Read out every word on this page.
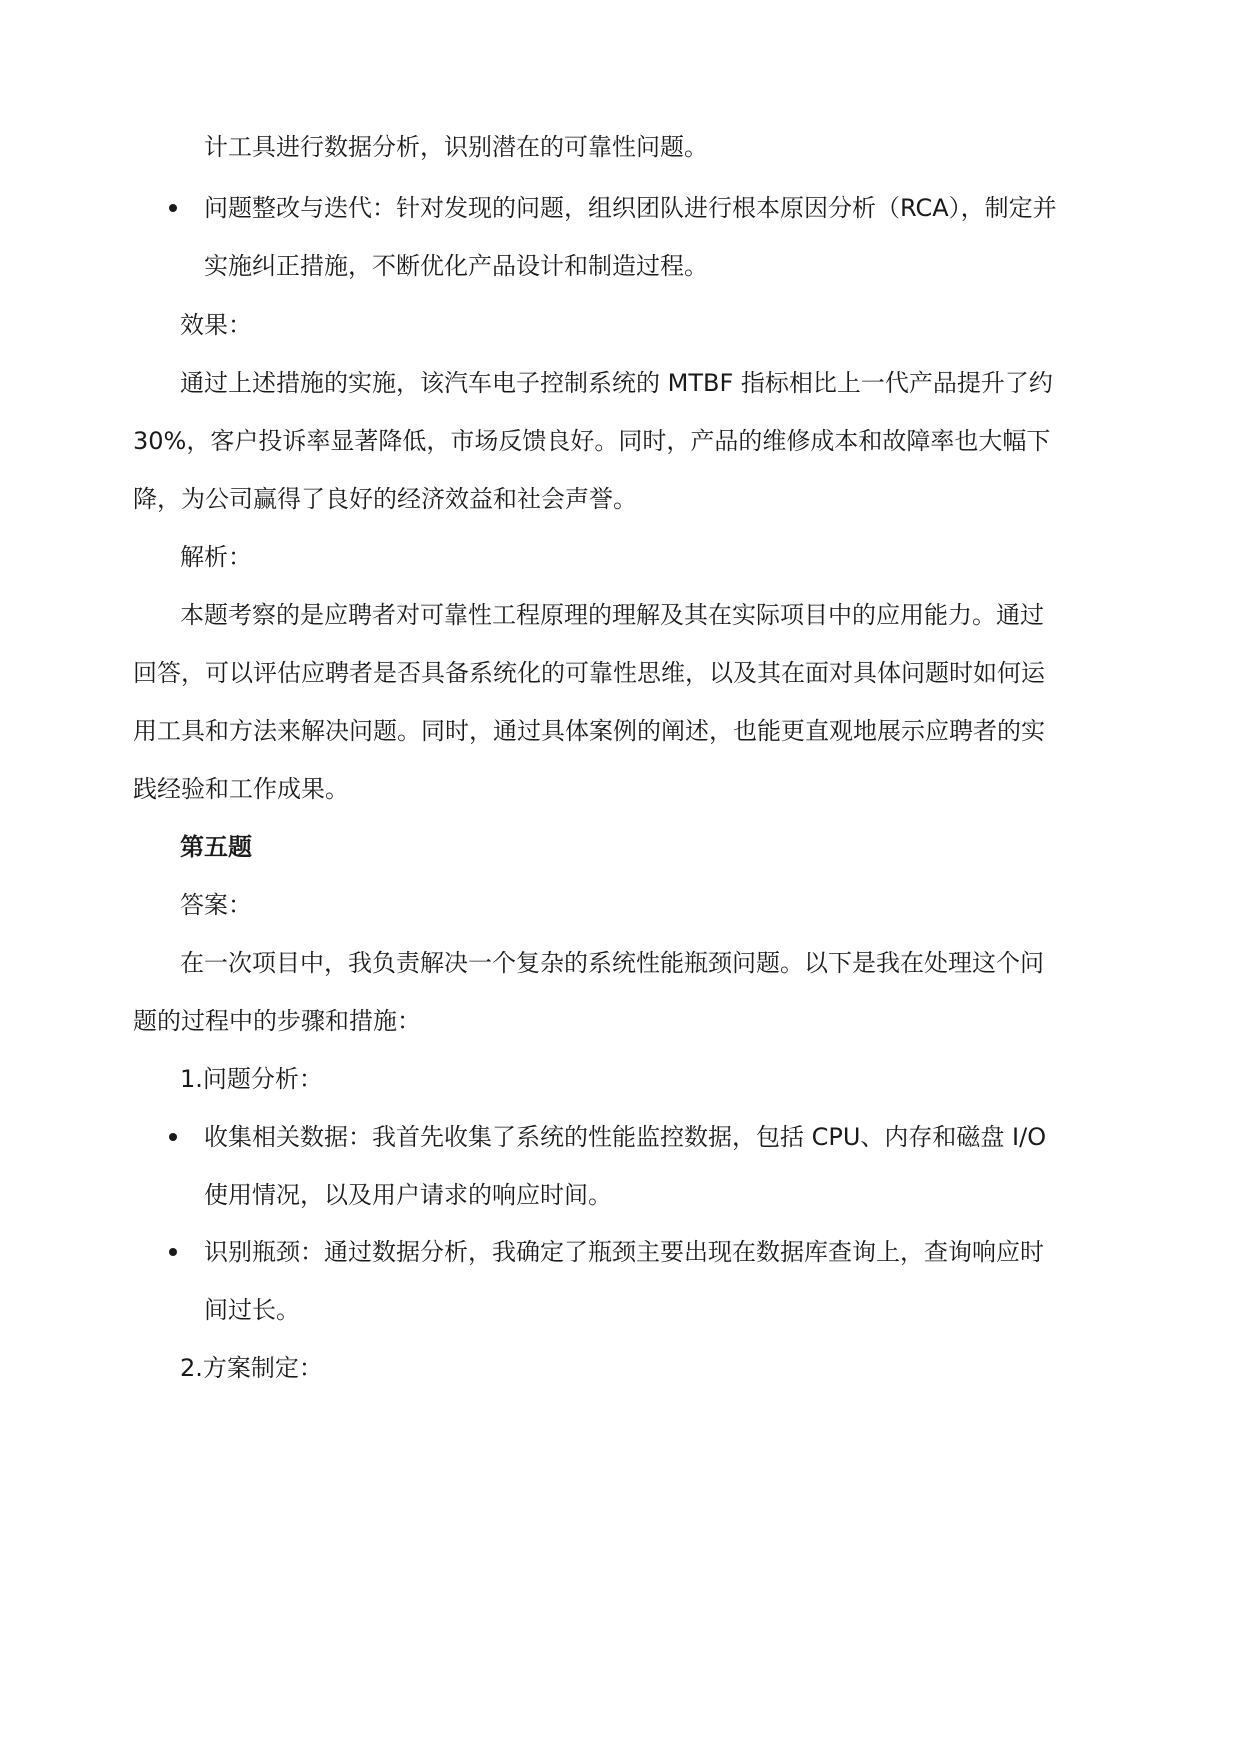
计工具进行数据分析，识别潜在的可靠性问题。

问题整改与迭代：针对发现的问题，组织团队进行根本原因分析（RCA），制定并

实施纠正措施，不断优化产品设计和制造过程。

效果：

通过上述措施的实施，该汽车电子控制系统的 MTBF 指标相比上一代产品提升了约

30%，客户投诉率显著降低，市场反馈良好。同时，产品的维修成本和故障率也大幅下

降，为公司赢得了良好的经济效益和社会声誉。

解析：

本题考察的是应聘者对可靠性工程原理的理解及其在实际项目中的应用能力。通过

回答，可以评估应聘者是否具备系统化的可靠性思维，以及其在面对具体问题时如何运

用工具和方法来解决问题。同时，通过具体案例的阐述，也能更直观地展示应聘者的实

践经验和工作成果。

第五题

答案：

在一次项目中，我负责解决一个复杂的系统性能瓶颈问题。以下是我在处理这个问

题的过程中的步骤和措施：

1.问题分析：

收集相关数据：我首先收集了系统的性能监控数据，包括 CPU、内存和磁盘 I/O

使用情况，以及用户请求的响应时间。

识别瓶颈：通过数据分析，我确定了瓶颈主要出现在数据库查询上，查询响应时

间过长。

2.方案制定：
